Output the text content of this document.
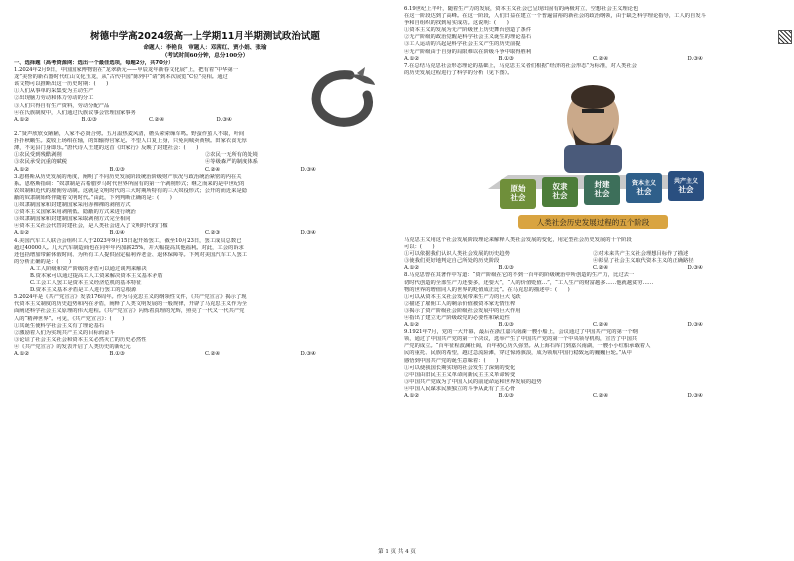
树德中学高2024级高一上学期11月半期测试政治试题
命题人：李艳良　审题人：邓茜红、贾小娟、张瑜
（考试时间60分钟，总分100分）
一、选择题（高考资源网：选出一个最佳选项，每题2分，共70分）
1.2024年2月9日，中国国家博物馆在“龙翠新元——甲辰龙年新春文化展”上，把有着“中华第一
龙”美誉的新石器时代红山文化玉龙，从“古代中国”陈列中“请”到本次展览“C位”亮相。通过
该文物可以推断出这一历史时期：(　　)
①人们从事单的采集变为主动生产
②出现脑力劳动和体力劳动的分工
③人们只得自有生产资料，劳动分配产品
④在氏族制度中，人们通过氏族议事会管理国家事务
A.①②	B.①③	C.②④	D.③④
2.“贤声欣欣女陋陋，人家不必贤合剪。五月温热麦风清，檐头索索缫车鸣。野蚕作茧人不取，叶间
扑扑秋蛾生。麦收上场绢在轴，的知输得官家足。不望人口复上身，只免向城卖黄犊。田家衣食无厚
薄，不见县门身即乐。”唐代诗人王建的这首《田家行》反映了封建社会：(　　)
①农民受到残酷剥削	②农民一无所有的处境
③农民承受沉重的赋税	④等级森严的制度体系
A.①②	B.①③	C.②④	D.③④
3.恩格斯从历史发展的角度，阐明了不同历史发展阶段统治阶级财产状况与政治统治紧密的内在关
系。恩格斯指调：“奴隶制是古希腊罗马时代世界所固有的第一个剥削形式；继之而来的是中世纪的
农奴制和近代的雇佣劳动制。这就是文明时代的三大时期所特有的三大奴役形式；公开的而近来是隐
蔽的奴隶制始终伴随着文明时代。”由此，下列判断正确的是：(　　)
①奴隶制国家和封建制国家采用赤裸裸的剥削方式
②资本主义国家采用剥削低、隐蔽的方式来进行统治
③奴隶制国家和封建制国家采取剥削方式完全相同
④资本主义社会代替封建社会，是人类社会进入了文明时代的门槛
A.①②	B.①④	C.②③	D.③④
4.美国汽车工人联合会组织工人于2023年9月15日起开始罢工，截至10月23日，罢工成员总数已
超过40000人。几大汽车制造商也在同年年内加薪25%，并大幅提高其他福利。对此，工会的诉求
还包括增加带薪休假时间、为所有工人提供固定福利养老金、退休保障等。下列对美国汽车工人罢工
的分析正确的是：(　　)
A.工人阶级和资产阶级的矛盾可以通过谈判来解决
B.资本家可以通过提高工人工资来解决资本主义基本矛盾
C.工会工人罢工是资本主义经济危机的基本特征
D.资本主义基本矛盾是工人进行罢工的总根源
5.2024年是《共产党宣言》发表176周年。作为马克思主义的纲领性文件，《共产党宣言》揭示了现
代资本主义制度的历史趋势和内在矛盾，阐释了人类文明发展的一般规律，开辟了马克思主义作为全
面阐述科学社会主义原理的伟大进程。《共产党宣言》闪烁着真理的光辉，照亮了一代又一代共产党
人的“精神世界”。可见，《共产党宣言》：(　　)
①其诞生使科学社会主义有了理论基石
②激励着人们为实现共产主义的目标而奋斗
③论证了社会主义社会和资本主义必然灭亡的历史必然性
④《共产党宣言》的发表开启了人类历史的新纪元
A.①②	B.①③	C.②④	D.③④
6.19世纪上半叶，随着生产力的发展，资本主义社会已呈现出固有的两极对立，空想社会主义理论也
在这一阶段达到了高峰。在这一阶段，人们日益在建立一个普遍富裕的新社会的政治纲领，由于缺乏科学理论指导，工人的自发斗
争和自组织的找到易实成功。这说明：(　　)
①资本主义的发展为无产阶级登上历史舞台创造了条件
②无产阶级的政治觉醒是科学社会主义诞生的理论基石
③工人运动的兴起是科学社会主义产生的历史前提
④无产阶级由于自身的局限难以在阶级斗争中取得胜利
A.①②	B.①③	C.②④	D.③④
7.在总结马克思社会形态理论的基础上，马克思主义者们根据“经济的社会形态”为标准，对人类社会
的历史发展过程进行了科学的分析（见下图）。
原始
社会
奴隶
社会
封建
社会
资本主义
社会
共产主义
社会
人类社会历史发展过程的五个阶段
马克思主义用这个社会发展阶段理论来解释人类社会发展的变化，用定型社会历史发展的十个阶段
可以：(　　)
①可以依据我们认识人类社会发展的历史趋势	②对未来共产主义社会理想目标作了描述
③使我们更好地判定自己所处的历史阶段	④彰显了社会主义取代资本主义的正确路径
A.①②	B.①③	C.②④	D.③④
8.马克思曾在其著作中写道：“资产阶级在它的不到一百年的阶级统治中所创造的生产力，比过去一
切时代创造的全部生产力还要多，还要大”，“人的价值贬值…”，“工人生产的财富越多……他就越贫穷……
物的世界的增值同人的世界的贬值成正比”。在马克思的描述中：(　　)
①可以从资本主义社会发展带来生产力的巨大飞跃
②描述了雇佣工人的剩余价值被资本家无情压榨
③揭示了资产阶级社会阶级社会发展中的巨大作用
④指出了建立无产阶级政党的必要性和紧迫性
A.①②	B.①③	C.②④	D.③④
9.1921年7月，党的一大开幕，最后在浙江嘉兴南湖一艘小船上，会议通过了中国共产党的第一个纲
领，通过了中国共产党的第一个决议，选举产生了中国共产党的第一个中央领导机构，宣告了中国共
产党的成立。“百年征程波澜壮阔，百年初心历久弥坚。从上海石库门到嘉兴南湖，一艘小小红船承载着人
民的重托、民族的希望，越过急流险滩，穿过惊涛骇浪，成为领航中国行稳致远的巍巍巨轮。”从中
感悟到中国共产党的诞生意味着：(　　)
①可以使我国长期实现的社会发生了深刻的变化
②中国由旧民主主义革命向新民主主义革命转变
③中国共产党成为了中国人民的前途命运和世界发展的趋势
④中国人民谋求民族独立的斗争从此有了主心骨
A.①②	B.①③	C.②④	D.③④
第 1 页 共 4 页
